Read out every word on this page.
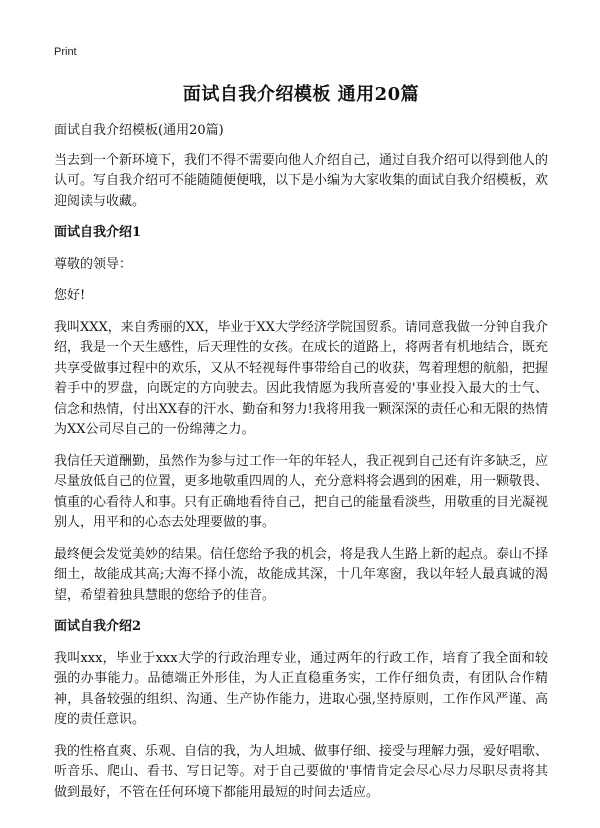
Print
面试自我介绍模板 通用20篇

面试自我介绍模板(通用20篇)

当去到一个新环境下，我们不得不需要向他人介绍自己，通过自我介绍可以得到他人的认可。写自我介绍可不能随随便便哦，以下是小编为大家收集的面试自我介绍模板，欢迎阅读与收藏。

面试自我介绍1

尊敬的领导：

您好!

我叫XXX，来自秀丽的XX，毕业于XX大学经济学院国贸系。请同意我做一分钟自我介绍，我是一个天生感性，后天理性的女孩。在成长的道路上，将两者有机地结合，既充共享受做事过程中的欢乐，又从不轻视每件事带给自己的收获，驾着理想的航船，把握着手中的罗盘，向既定的方向驶去。因此我情愿为我所喜爱的'事业投入最大的士气、信念和热情，付出XX春的汗水、勤奋和努力!我将用我一颗深深的责任心和无限的热情为XX公司尽自己的一份绵薄之力。

我信任天道酬勤，虽然作为参与过工作一年的年轻人，我正视到自己还有许多缺乏，应尽量放低自己的位置，更多地敬重四周的人，充分意料将会遇到的困难，用一颗敬畏、慎重的心看待人和事。只有正确地看待自己，把自己的能量看淡些，用敬重的目光凝视别人，用平和的心态去处理要做的事。

最终便会发觉美妙的结果。信任您给予我的机会，将是我人生路上新的起点。泰山不择细土，故能成其高;大海不择小流，故能成其深，十几年寒窗，我以年轻人最真诚的渴望，希望着独具慧眼的您给予的佳音。

面试自我介绍2

我叫xxx，毕业于xxx大学的行政治理专业，通过两年的行政工作，培育了我全面和较强的办事能力。品德端正外形佳，为人正直稳重务实，工作仔细负责，有团队合作精神，具备较强的组织、沟通、生产协作能力，进取心强,坚持原则，工作作风严谨、高度的责任意识。

我的性格直爽、乐观、自信的我，为人坦城、做事仔细、接受与理解力强，爱好唱歌、听音乐、爬山、看书、写日记等。对于自己要做的'事情肯定会尽心尽力尽职尽责将其做到最好，不管在任何环境下都能用最短的时间去适应。
